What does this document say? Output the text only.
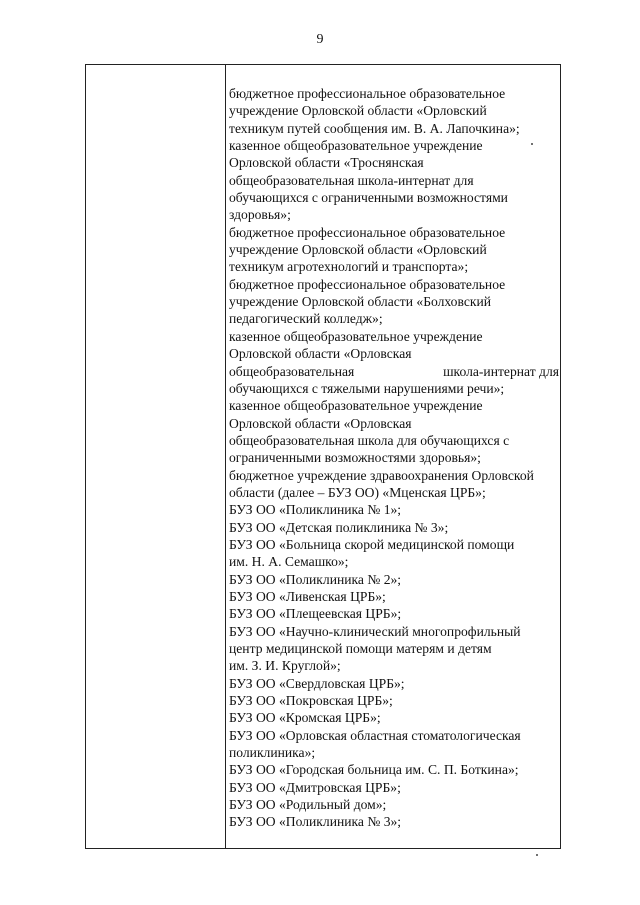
9
бюджетное профессиональное образовательное
учреждение Орловской области «Орловский
техникум путей сообщения им. В. А. Лапочкина»;
казенное общеобразовательное учреждение
Орловской области «Троснянская
общеобразовательная школа-интернат для
обучающихся с ограниченными возможностями
здоровья»;
бюджетное профессиональное образовательное
учреждение Орловской области «Орловский
техникум агротехнологий и транспорта»;
бюджетное профессиональное образовательное
учреждение Орловской области «Болховский
педагогический колледж»;
казенное общеобразовательное учреждение
Орловской области «Орловская
общеобразовательная	школа-интернат для
обучающихся с тяжелыми нарушениями речи»;
казенное общеобразовательное учреждение
Орловской области «Орловская
общеобразовательная школа для обучающихся с
ограниченными возможностями здоровья»;
бюджетное учреждение здравоохранения Орловской
области (далее – БУЗ ОО) «Мценская ЦРБ»;
БУЗ ОО «Поликлиника № 1»;
БУЗ ОО «Детская поликлиника № 3»;
БУЗ ОО «Больница скорой медицинской помощи
им. Н. А. Семашко»;
БУЗ ОО «Поликлиника № 2»;
БУЗ ОО «Ливенская ЦРБ»;
БУЗ ОО «Плещеевская ЦРБ»;
БУЗ ОО «Научно-клинический многопрофильный
центр медицинской помощи матерям и детям
им. З. И. Круглой»;
БУЗ ОО «Свердловская ЦРБ»;
БУЗ ОО «Покровская ЦРБ»;
БУЗ ОО «Кромская ЦРБ»;
БУЗ ОО «Орловская областная стоматологическая
поликлиника»;
БУЗ ОО «Городская больница им. С. П. Боткина»;
БУЗ ОО «Дмитровская ЦРБ»;
БУЗ ОО «Родильный дом»;
БУЗ ОО «Поликлиника № 3»;
